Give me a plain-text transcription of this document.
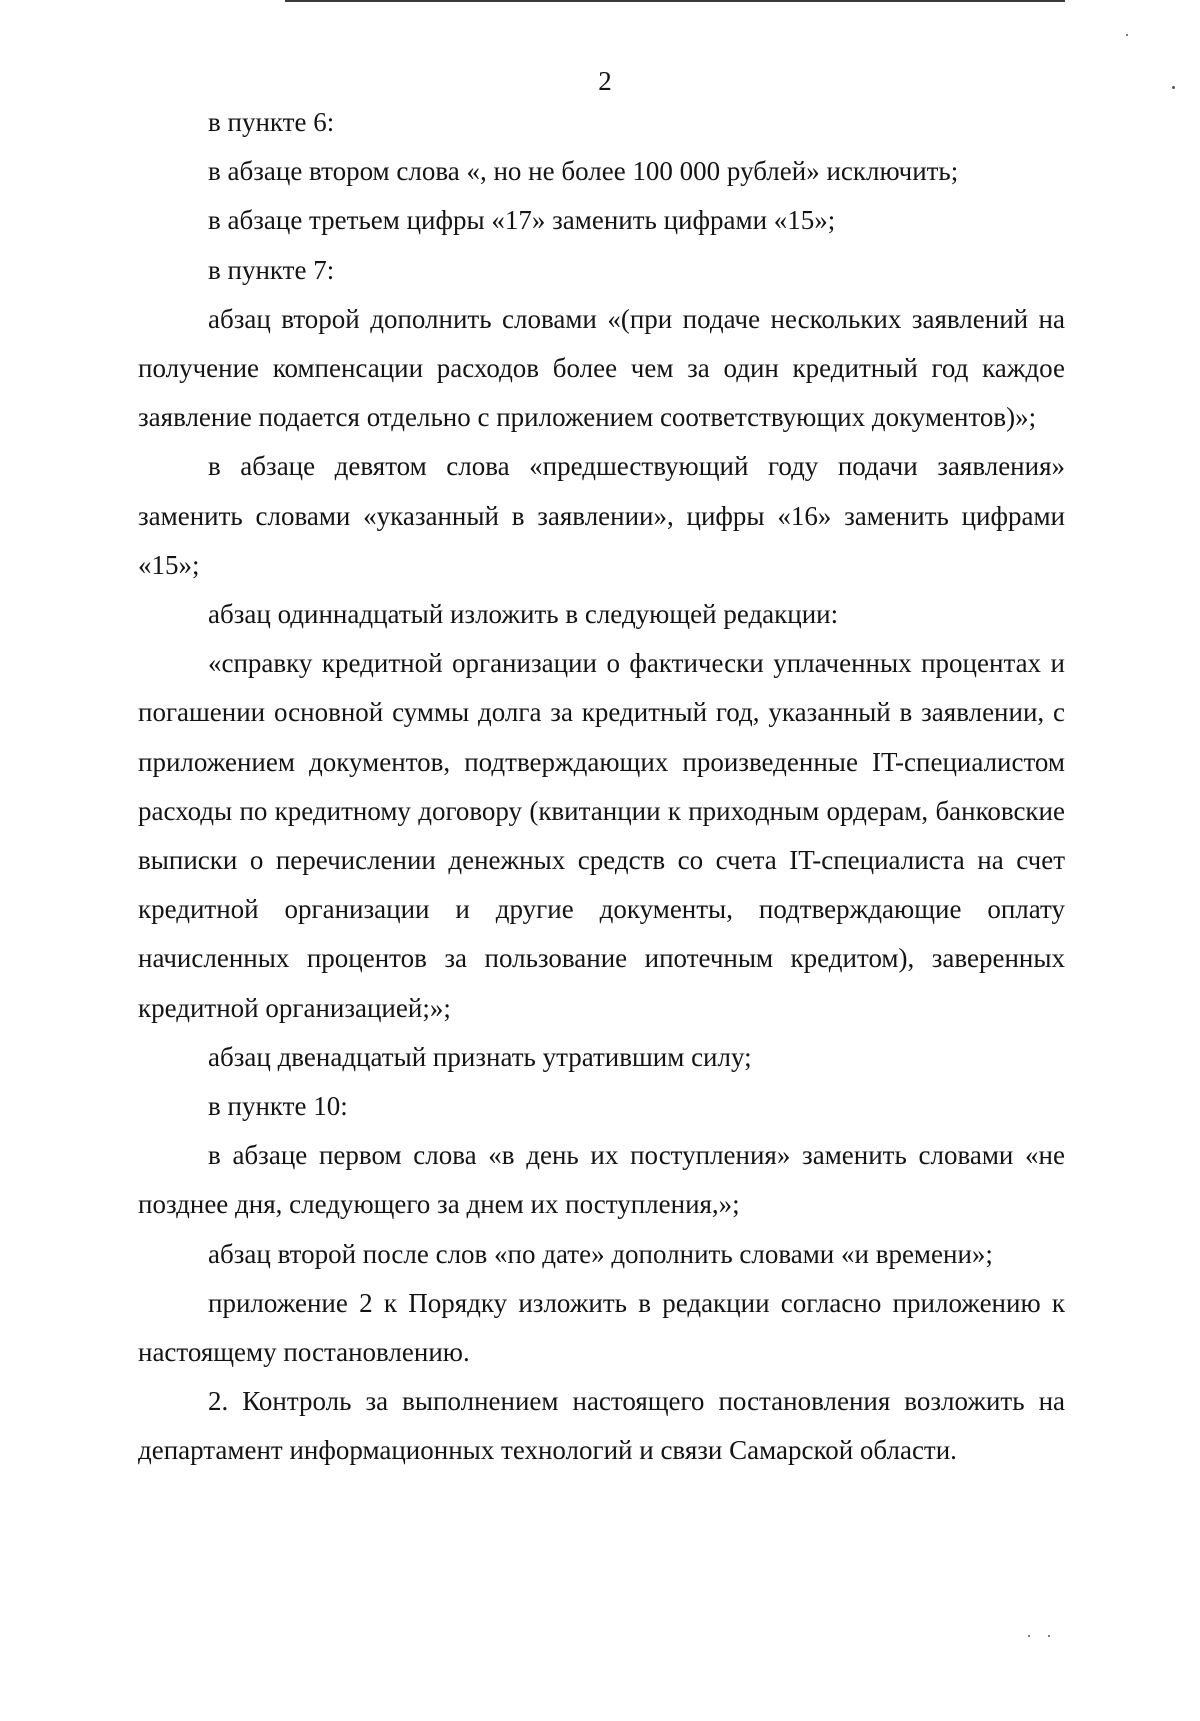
2

в пункте 6:

в абзаце втором слова «, но не более 100 000 рублей» исключить;

в абзаце третьем цифры «17» заменить цифрами «15»;

в пункте 7:

абзац второй дополнить словами «(при подаче нескольких заявлений на получение компенсации расходов более чем за один кредитный год каждое заявление подается отдельно с приложением соответствующих документов)»;

в абзаце девятом слова «предшествующий году подачи заявления» заменить словами «указанный в заявлении», цифры «16» заменить цифрами «15»;

абзац одиннадцатый изложить в следующей редакции:

«справку кредитной организации о фактически уплаченных процентах и погашении основной суммы долга за кредитный год, указанный в заявлении, с приложением документов, подтверждающих произведенные IT-специалистом расходы по кредитному договору (квитанции к приходным ордерам, банковские выписки о перечислении денежных средств со счета IT-специалиста на счет кредитной организации и другие документы, подтверждающие оплату начисленных процентов за пользование ипотечным кредитом), заверенных кредитной организацией;»;

абзац двенадцатый признать утратившим силу;

в пункте 10:

в абзаце первом слова «в день их поступления» заменить словами «не позднее дня, следующего за днем их поступления,»;

абзац второй после слов «по дате» дополнить словами «и времени»;

приложение 2 к Порядку изложить в редакции согласно приложению к настоящему постановлению.

2. Контроль за выполнением настоящего постановления возложить на департамент информационных технологий и связи Самарской области.
